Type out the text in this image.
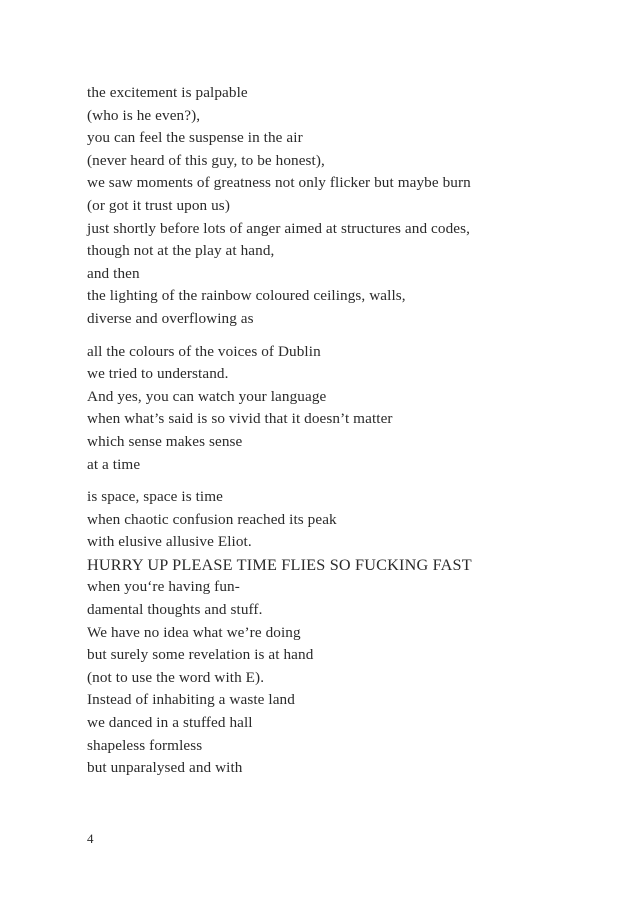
the excitement is palpable
(who is he even?),
you can feel the suspense in the air
(never heard of this guy, to be honest),
we saw moments of greatness not only flicker but maybe burn
(or got it trust upon us)
just shortly before lots of anger aimed at structures and codes,
though not at the play at hand,
and then
the lighting of the rainbow coloured ceilings, walls,
diverse and overflowing as
all the colours of the voices of Dublin
we tried to understand.
And yes, you can watch your language
when what’s said is so vivid that it doesn’t matter
which sense makes sense
at a time
is space, space is time
when chaotic confusion reached its peak
with elusive allusive Eliot.
HURRY UP PLEASE TIME FLIES SO FUCKING FAST
when you‘re having fun-
damental thoughts and stuff.
We have no idea what we’re doing
but surely some revelation is at hand
(not to use the word with E).
Instead of inhabiting a waste land
we danced in a stuffed hall
shapeless formless
but unparalysed and with
4
